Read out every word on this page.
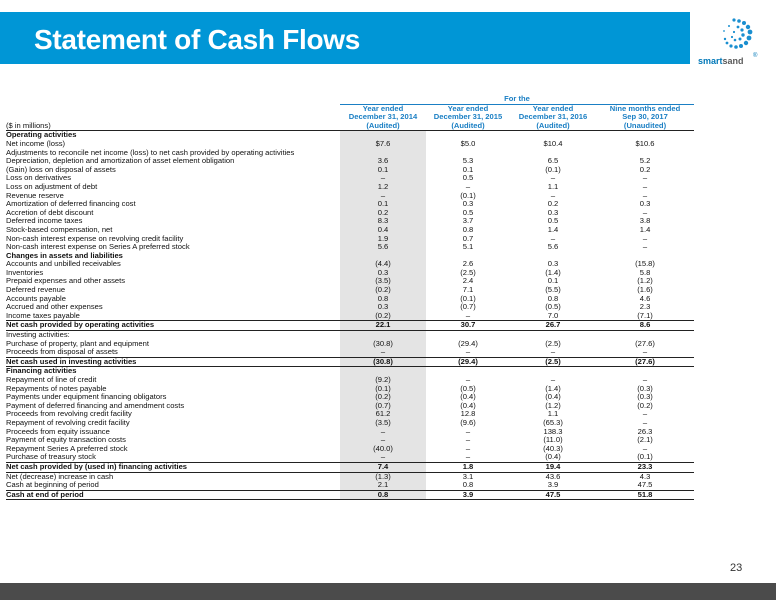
Statement of Cash Flows
smartsand ®
	For the			
	Year ended	Year ended	Year ended	Nine months ended
	December 31, 2014	December 31, 2015	December 31, 2016	Sep 30, 2017
($ in millions)	(Audited)	(Audited)	(Audited)	(Unaudited)
Operating activities				
Net income (loss)	$7.6	$5.0	$10.4	$10.6
Adjustments to reconcile net income (loss) to net cash provided by operating activities				
Depreciation, depletion and amortization of asset element obligation	3.6	5.3	6.5	5.2
(Gain) loss on disposal of assets	0.1	0.1	(0.1)	0.2
Loss on derivatives	–	0.5	–	–
Loss on adjustment of debt	1.2	–	1.1	–
Revenue reserve	–	(0.1)	–	–
Amortization of deferred financing cost	0.1	0.3	0.2	0.3
Accretion of debt discount	0.2	0.5	0.3	–
Deferred income taxes	8.3	3.7	0.5	3.8
Stock-based compensation, net	0.4	0.8	1.4	1.4
Non-cash interest expense on revolving credit facility	1.9	0.7	–	–
Non-cash interest expense on Series A preferred stock	5.6	5.1	5.6	–
Changes in assets and liabilities				
Accounts and unbilled receivables	(4.4)	2.6	0.3	(15.8)
Inventories	0.3	(2.5)	(1.4)	5.8
Prepaid expenses and other assets	(3.5)	2.4	0.1	(1.2)
Deferred revenue	(0.2)	7.1	(5.5)	(1.6)
Accounts payable	0.8	(0.1)	0.8	4.6
Accrued and other expenses	0.3	(0.7)	(0.5)	2.3
Income taxes payable	(0.2)	–	7.0	(7.1)
Net cash provided by operating activities	22.1	30.7	26.7	8.6
Investing activities:				
Purchase of property, plant and equipment	(30.8)	(29.4)	(2.5)	(27.6)
Proceeds from disposal of assets	–	–	–	–
Net cash used in investing activities	(30.8)	(29.4)	(2.5)	(27.6)
Financing activities				
Repayment of line of credit	(9.2)	–	–	–
Repayments of notes payable	(0.1)	(0.5)	(1.4)	(0.3)
Payments under equipment financing obligators	(0.2)	(0.4)	(0.4)	(0.3)
Payment of deferred financing and amendment costs	(0.7)	(0.4)	(1.2)	(0.2)
Proceeds from revolving credit facility	61.2	12.8	1.1	–
Repayment of revolving credit facility	(3.5)	(9.6)	(65.3)	–
Proceeds from equity issuance	–	–	138.3	26.3
Payment of equity transaction costs	–	–	(11.0)	(2.1)
Repayment Series A preferred stock	(40.0)	–	(40.3)	–
Purchase of treasury stock	–	–	(0.4)	(0.1)
Net cash provided by (used in) financing activities	7.4	1.8	19.4	23.3
Net (decrease) increase in cash	(1.3)	3.1	43.6	4.3
Cash at beginning of period	2.1	0.8	3.9	47.5
Cash at end of period	0.8	3.9	47.5	51.8
23
